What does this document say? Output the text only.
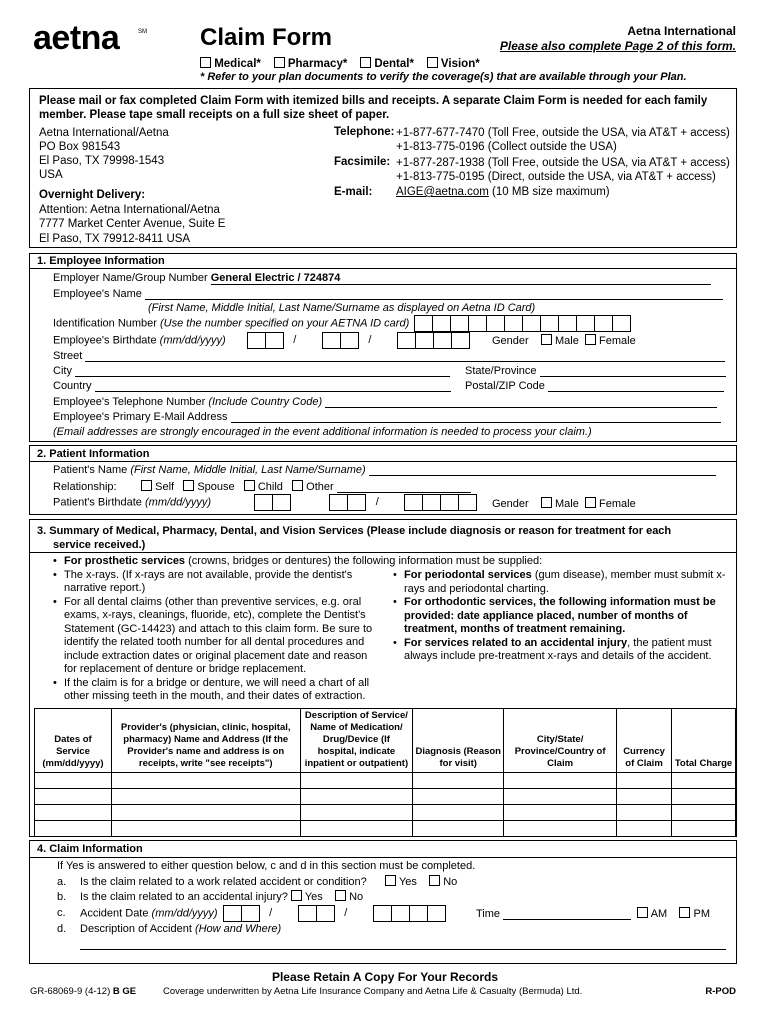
aetna	SM Claim Form	Aetna International
Please also complete Page 2 of this form.
Medical* Pharmacy* Dental* Vision*
* Refer to your plan documents to verify the coverage(s) that are available through your Plan.
Please mail or fax completed Claim Form with itemized bills and receipts. A separate Claim Form is needed for each family member. Please tape small receipts on a full size sheet of paper.
Aetna International/Aetna
PO Box 981543
El Paso, TX 79998-1543
USA
Overnight Delivery:
Attention: Aetna International/Aetna
7777 Market Center Avenue, Suite E
El Paso, TX 79912-8411 USA
Telephone: +1-877-677-7470 (Toll Free, outside the USA, via AT&T + access)
+1-813-775-0196 (Collect outside the USA)
Facsimile: +1-877-287-1938 (Toll Free, outside the USA, via AT&T + access)
+1-813-775-0195 (Direct, outside the USA, via AT&T + access)
E-mail: AIGE@aetna.com (10 MB size maximum)
1. Employee Information
Employer Name/Group Number General Electric / 724874
Employee's Name
(First Name, Middle Initial, Last Name/Surname as displayed on Aetna ID Card)
Identification Number (Use the number specified on your AETNA ID card)
Employee's Birthdate (mm/dd/yyyy)	/	/	Gender Male Female
Street
City	State/Province
Country	Postal/ZIP Code
Employee's Telephone Number (Include Country Code)
Employee's Primary E-Mail Address
(Email addresses are strongly encouraged in the event additional information is needed to process your claim.)
2. Patient Information
Patient's Name (First Name, Middle Initial, Last Name/Surname)
Relationship:	Self Spouse Child Other
Patient's Birthdate (mm/dd/yyyy)	/	Gender Male Female
3. Summary of Medical, Pharmacy, Dental, and Vision Services (Please include diagnosis or reason for treatment for each
service received.)
• For prosthetic services (crowns, bridges or dentures) the following information must be supplied:
• The x-rays. (If x-rays are not available, provide the dentist's narrative report.)
• For all dental claims (other than preventive services, e.g. oral exams, x-rays, cleanings, fluoride, etc), complete the Dentist's Statement (GC-14423) and attach to this claim form. Be sure to identify the related tooth number for all dental procedures and include extraction dates or original placement date and reason for replacement of denture or bridge replacement.
• If the claim is for a bridge or denture, we will need a chart of all other missing teeth in the mouth, and their dates of extraction.
• For periodontal services (gum disease), member must submit x-rays and periodontal charting.
• For orthodontic services, the following information must be provided: date appliance placed, number of months of treatment, months of treatment remaining.
• For services related to an accidental injury, the patient must always include pre-treatment x-rays and details of the accident.
Dates of Service (mm/dd/yyyy)	Provider's (physician, clinic, hospital, pharmacy) Name and Address (If the Provider's name and address is on receipts, write "see receipts")	Description of Service/ Name of Medication/ Drug/Device (If hospital, indicate inpatient or outpatient)	Diagnosis (Reason for visit)	City/State/ Province/Country of Claim	Currency of Claim	Total Charge

4. Claim Information
If Yes is answered to either question below, c and d in this section must be completed.
a. Is the claim related to a work related accident or condition?	Yes No
b. Is the claim related to an accidental injury? Yes No
c. Accident Date (mm/dd/yyyy)	/	/	Time	AM PM
d. Description of Accident (How and Where)
Please Retain A Copy For Your Records
GR-68069-9 (4-12) B GE	Coverage underwritten by Aetna Life Insurance Company and Aetna Life & Casualty (Bermuda) Ltd.	R-POD
